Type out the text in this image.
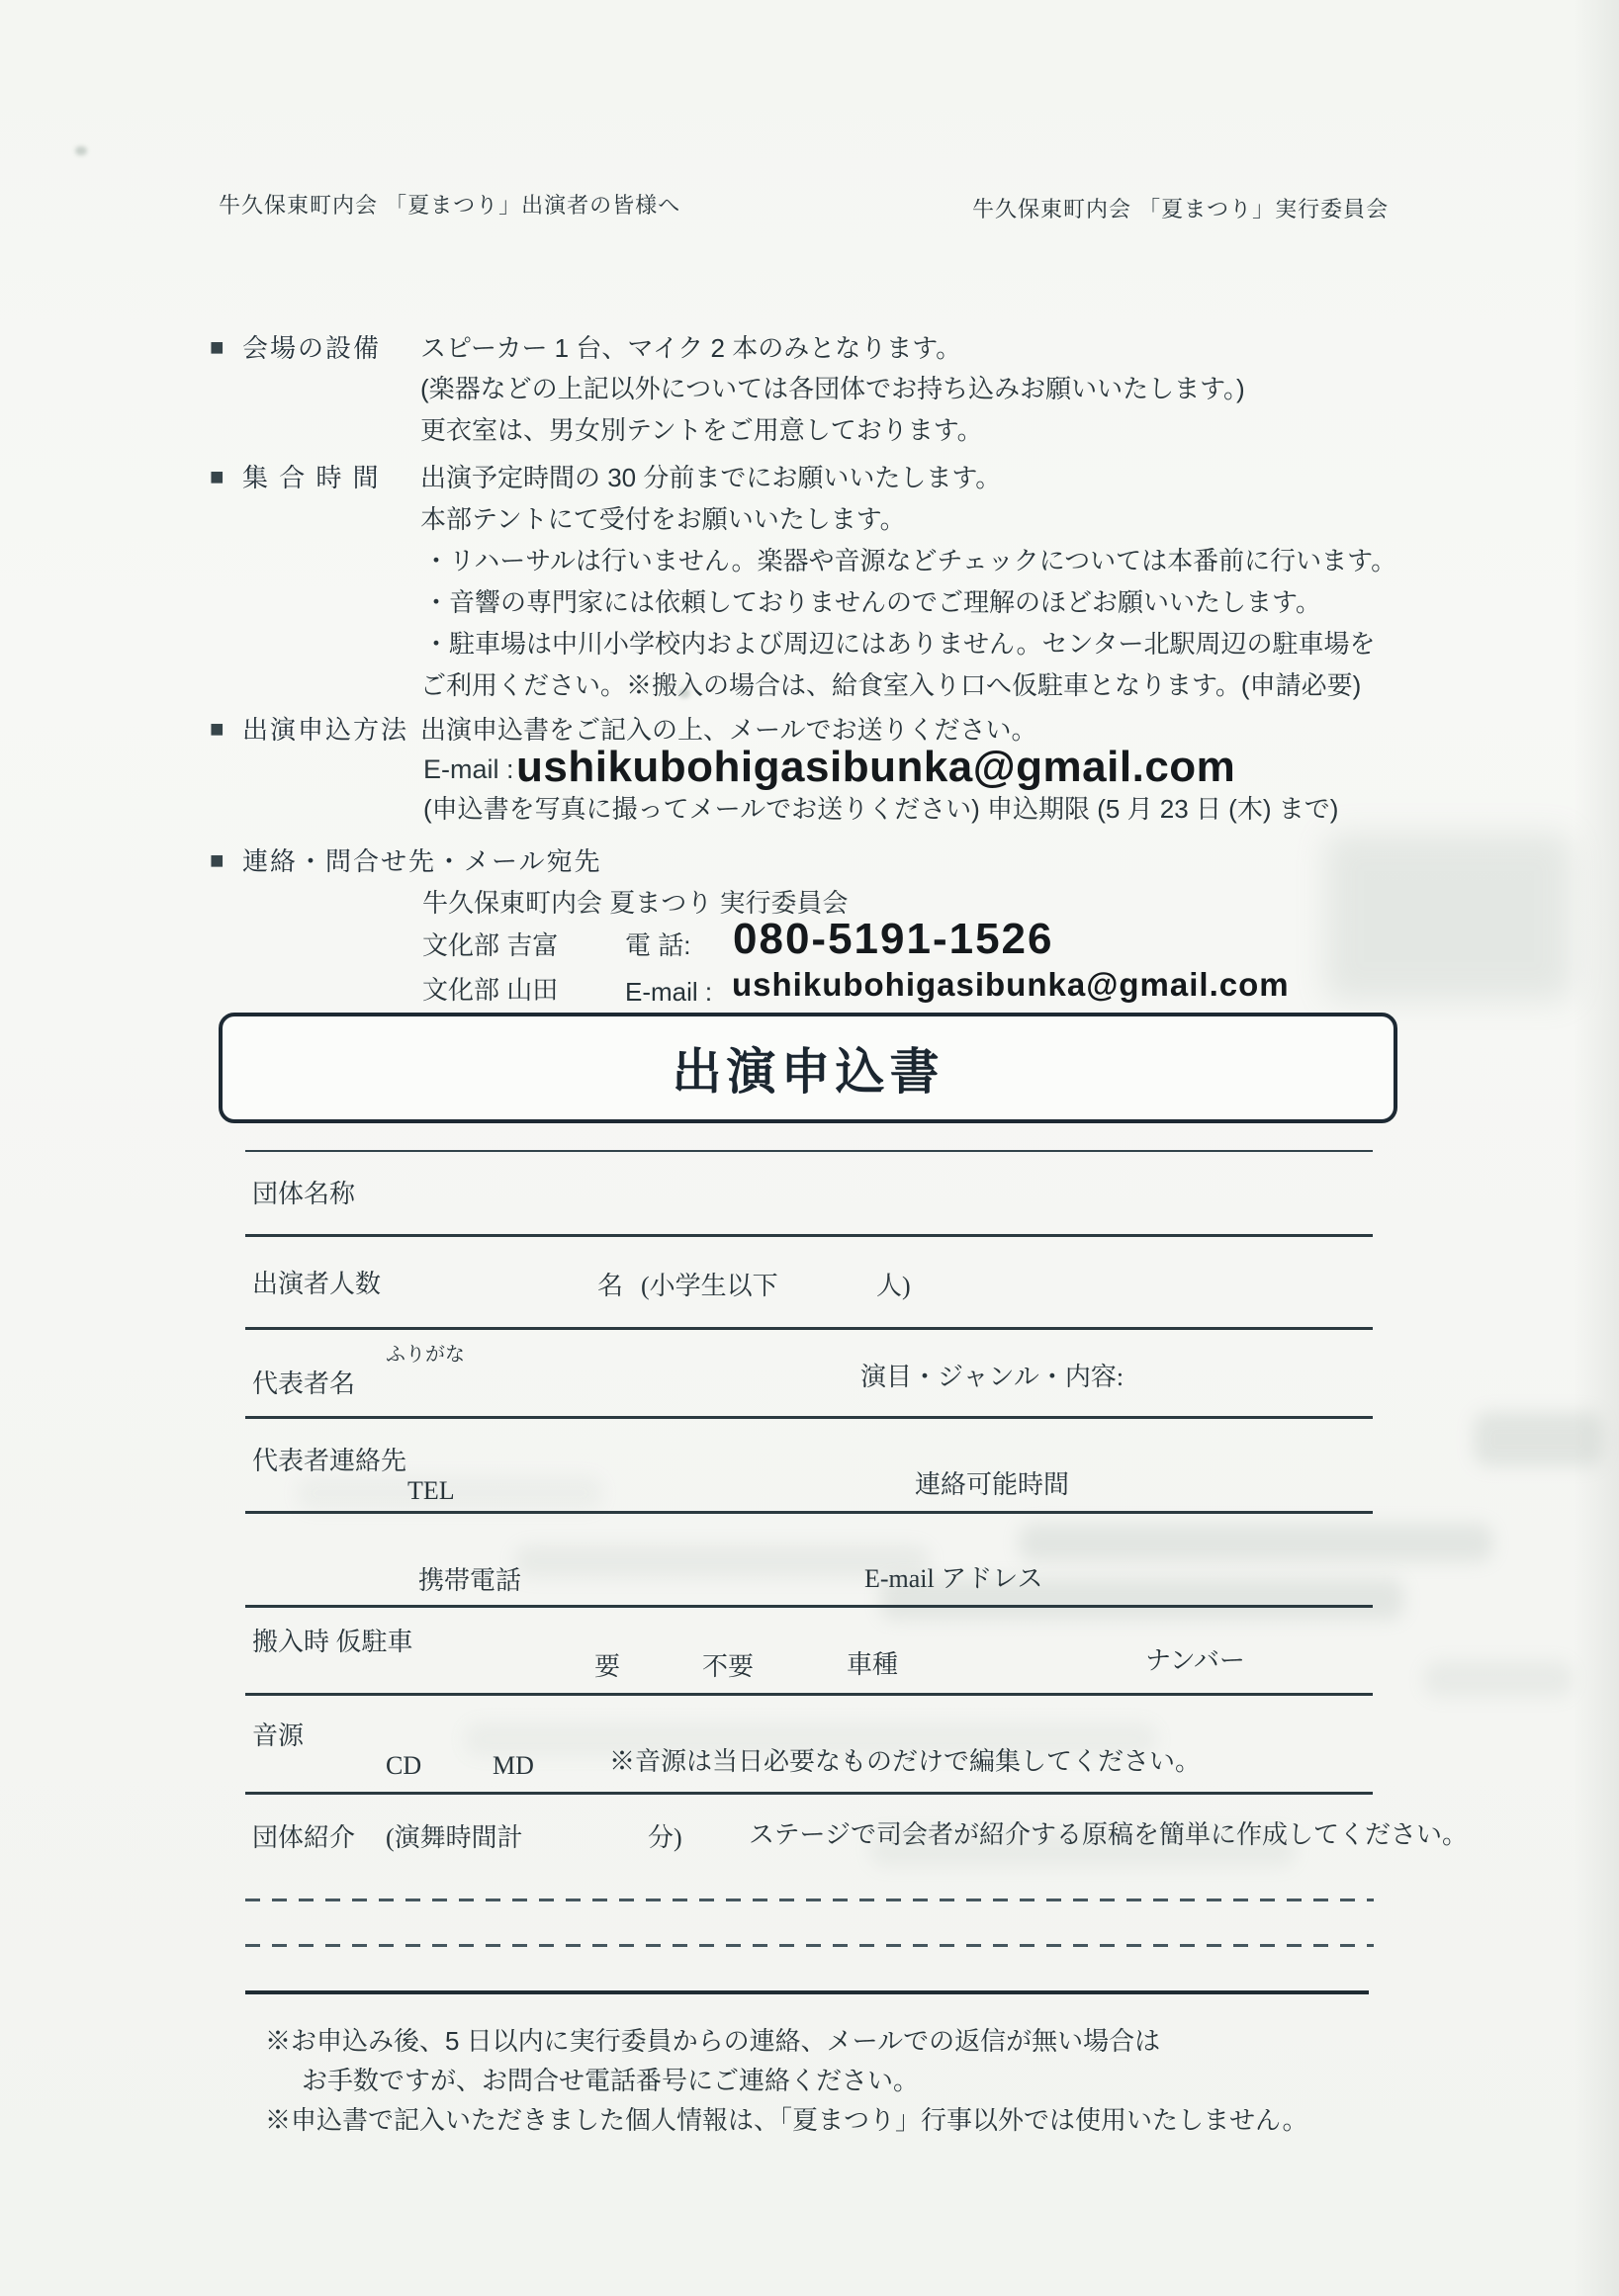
牛久保東町内会 「夏まつり」出演者の皆様へ	牛久保東町内会 「夏まつり」実行委員会
■ 会場の設備 スピーカー 1 台、マイク 2 本のみとなります。
(楽器などの上記以外については各団体でお持ち込みお願いいたします。)
更衣室は、男女別テントをご用意しております。
■ 集 合 時 間 出演予定時間の 30 分前までにお願いいたします。
本部テントにて受付をお願いいたします。
・リハーサルは行いません。楽器や音源などチェックについては本番前に行います。
・音響の専門家には依頼しておりませんのでご理解のほどお願いいたします。
・駐車場は中川小学校内および周辺にはありません。センター北駅周辺の駐車場を
ご利用ください。※搬入の場合は、給食室入り口へ仮駐車となります。(申請必要)
■ 出演申込方法 出演申込書をご記入の上、メールでお送りください。
E-mail : ushikubohigasibunka@gmail.com
(申込書を写真に撮ってメールでお送りください) 申込期限 (5 月 23 日 (木) まで)
■ 連絡・問合せ先・メール宛先
牛久保東町内会 夏まつり 実行委員会
文化部 吉富	電 話: 080-5191-1526
文化部 山田	E-mail : ushikubohigasibunka@gmail.com
出演申込書
団体名称
出演者人数	名 (小学生以下	人)
ふりがな
代表者名	演目・ジャンル・内容:
代表者連絡先
TEL	連絡可能時間
携帯電話	E-mail アドレス
搬入時 仮駐車
要	不要	車種	ナンバー
音源
CD	MD	※音源は当日必要なものだけで編集してください。
団体紹介 (演舞時間計	分)	ステージで司会者が紹介する原稿を簡単に作成してください。
※お申込み後、5 日以内に実行委員からの連絡、メールでの返信が無い場合は
お手数ですが、お問合せ電話番号にご連絡ください。
※申込書で記入いただきました個人情報は、「夏まつり」行事以外では使用いたしません。
